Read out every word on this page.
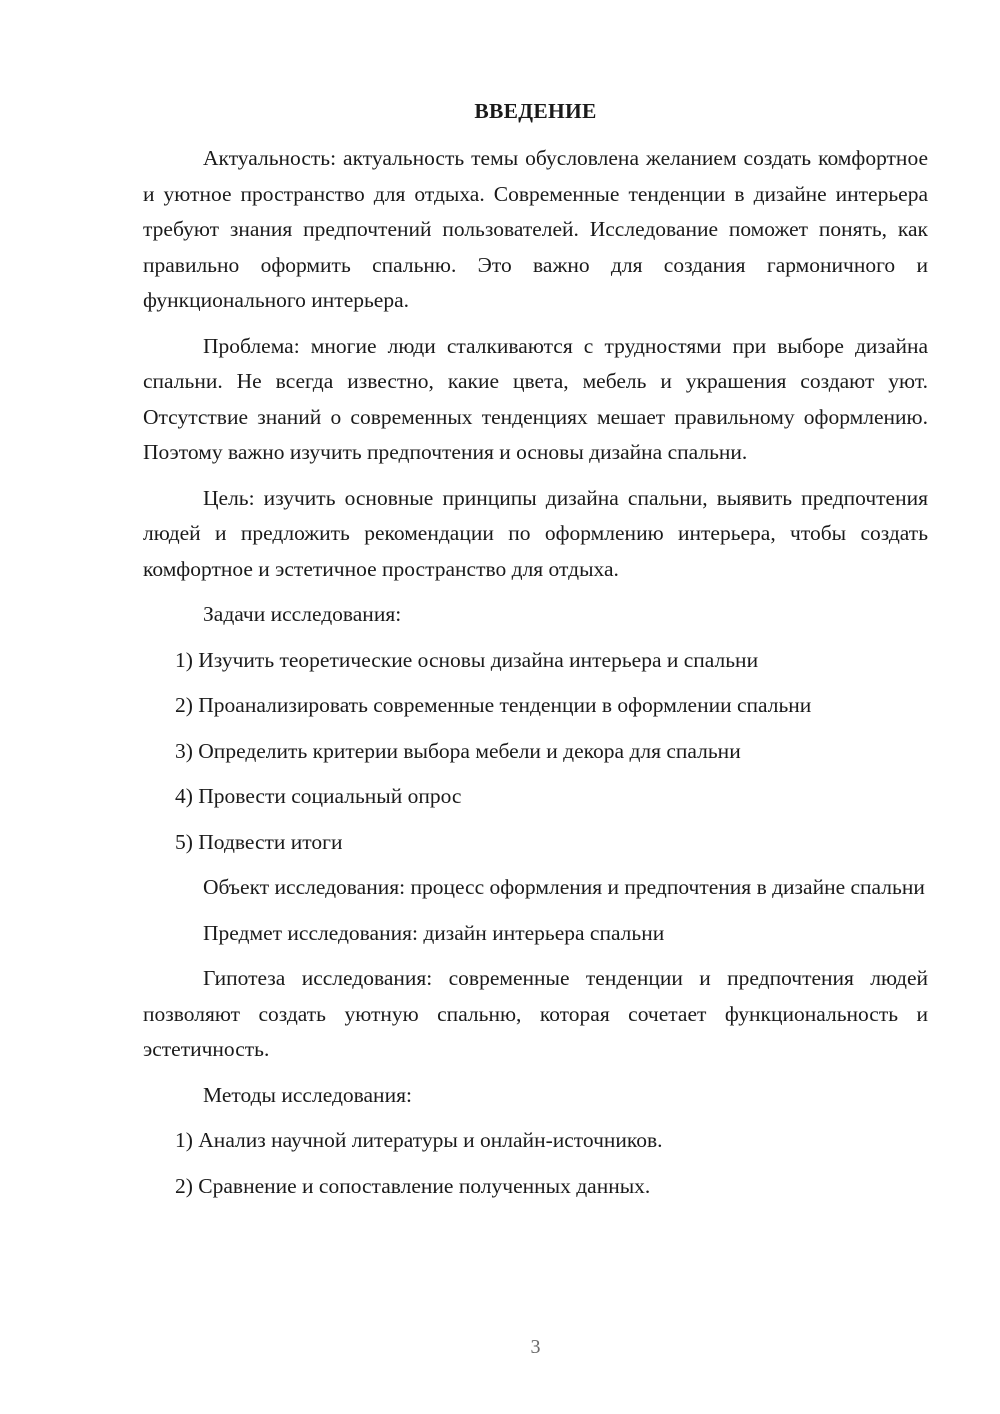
ВВЕДЕНИЕ

Актуальность: актуальность темы обусловлена желанием создать комфортное и уютное пространство для отдыха. Современные тенденции в дизайне интерьера требуют знания предпочтений пользователей. Исследование поможет понять, как правильно оформить спальню. Это важно для создания гармоничного и функционального интерьера.

Проблема: многие люди сталкиваются с трудностями при выборе дизайна спальни. Не всегда известно, какие цвета, мебель и украшения создают уют. Отсутствие знаний о современных тенденциях мешает правильному оформлению. Поэтому важно изучить предпочтения и основы дизайна спальни.

Цель: изучить основные принципы дизайна спальни, выявить предпочтения людей и предложить рекомендации по оформлению интерьера, чтобы создать комфортное и эстетичное пространство для отдыха.

Задачи исследования:

1) Изучить теоретические основы дизайна интерьера и спальни
2) Проанализировать современные тенденции в оформлении спальни
3) Определить критерии выбора мебели и декора для спальни
4) Провести социальный опрос
5) Подвести итоги

Объект исследования: процесс оформления и предпочтения в дизайне спальни

Предмет исследования: дизайн интерьера спальни

Гипотеза исследования: современные тенденции и предпочтения людей позволяют создать уютную спальню, которая сочетает функциональность и эстетичность.

Методы исследования:

1) Анализ научной литературы и онлайн-источников.
2) Сравнение и сопоставление полученных данных.
3
